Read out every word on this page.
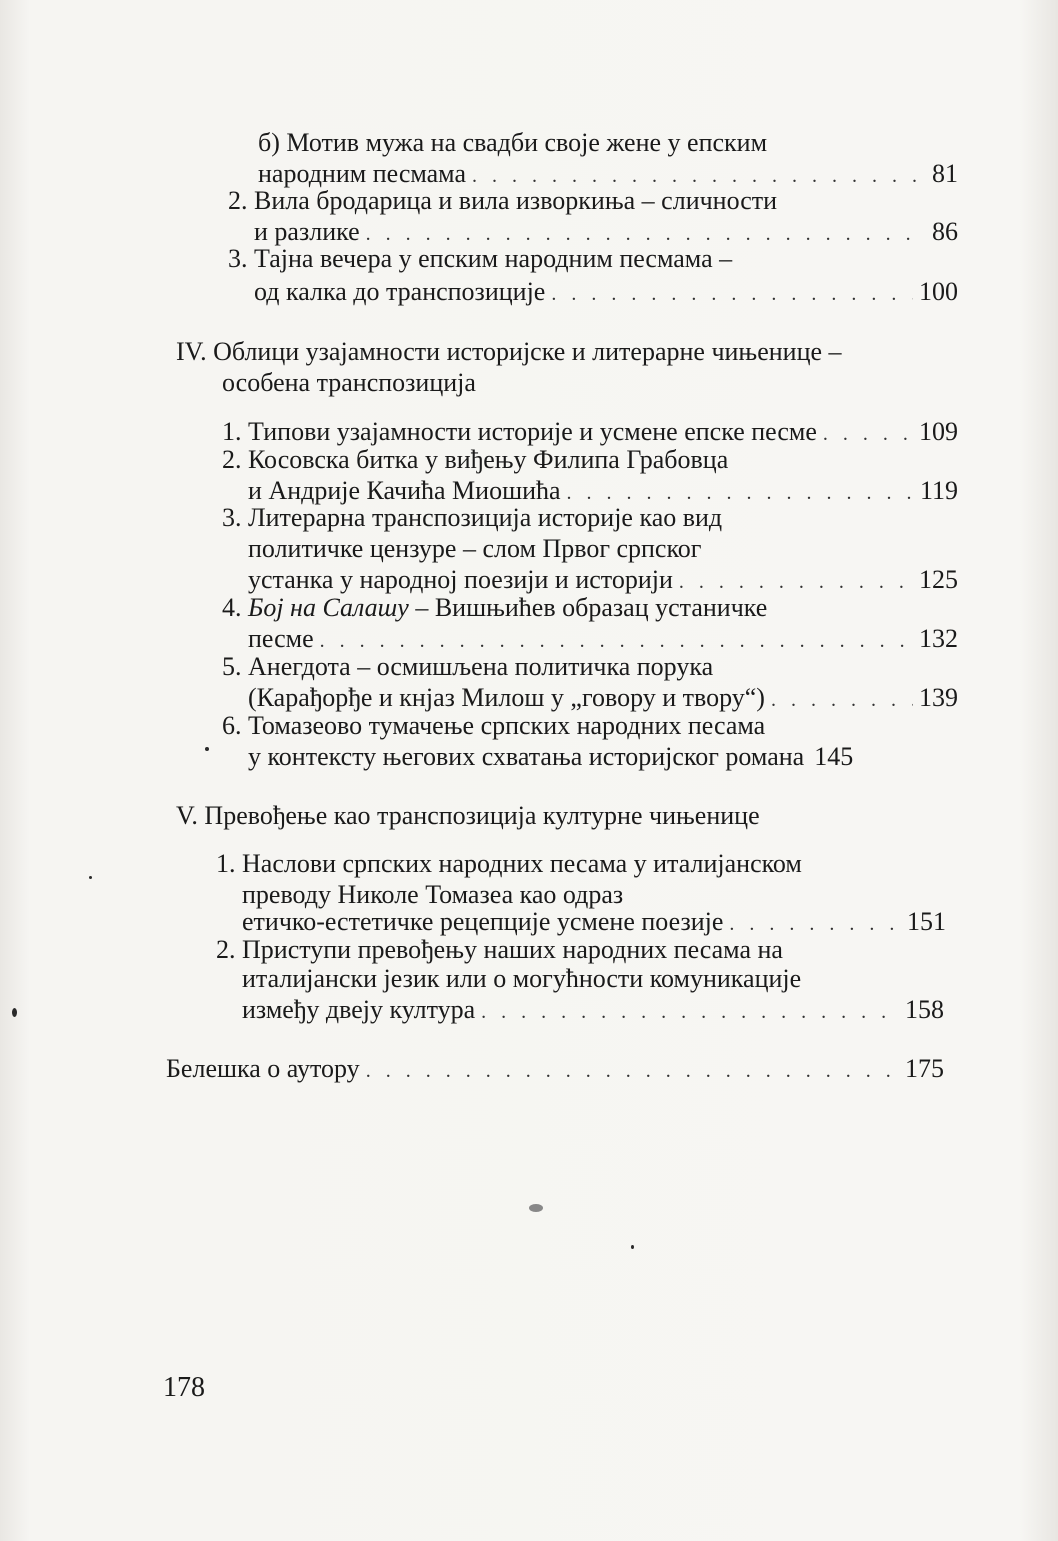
б) Мотив мужа на свадби своје жене у епским
народним песмама . . .	81
2. Вила бродарица и вила изворкиња – сличности
и разлике . . .	86
3. Тајна вечера у епским народним песмама –
од калка до транспозиције . . .	100
IV. Облици узајамности историјске и литерарне чињенице –
особена транспозиција
1. Типови узајамности историје и усмене епске песме . . .	109
2. Косовска битка у виђењу Филипа Грабовца
и Андрије Качића Миошића . . .	119
3. Литерарна транспозиција историје као вид
политичке цензуре – слом Првог српског
устанка у народној поезији и историји . . .	125
4. Бој на Салашу – Вишњићев образац устаничке
песме . . .	132
5. Анегдота – осмишљена политичка порука
(Карађорђе и кнјаз Милош у „говору и твору“) . . .	139
6. Томазеово тумачење српских народних песама
у контексту његових схватања историјског романа 145
V. Превођење као транспозиција културне чињенице
1. Наслови српских народних песама у италијанском
преводу Николе Томазеа као одраз
етичко-естетичке рецепције усмене поезије . . .	151
2. Приступи превођењу наших народних песама на
италијански језик или о могућности комуникације
између двеју култура . . .	158
Белешка о аутору . . .	175
178
